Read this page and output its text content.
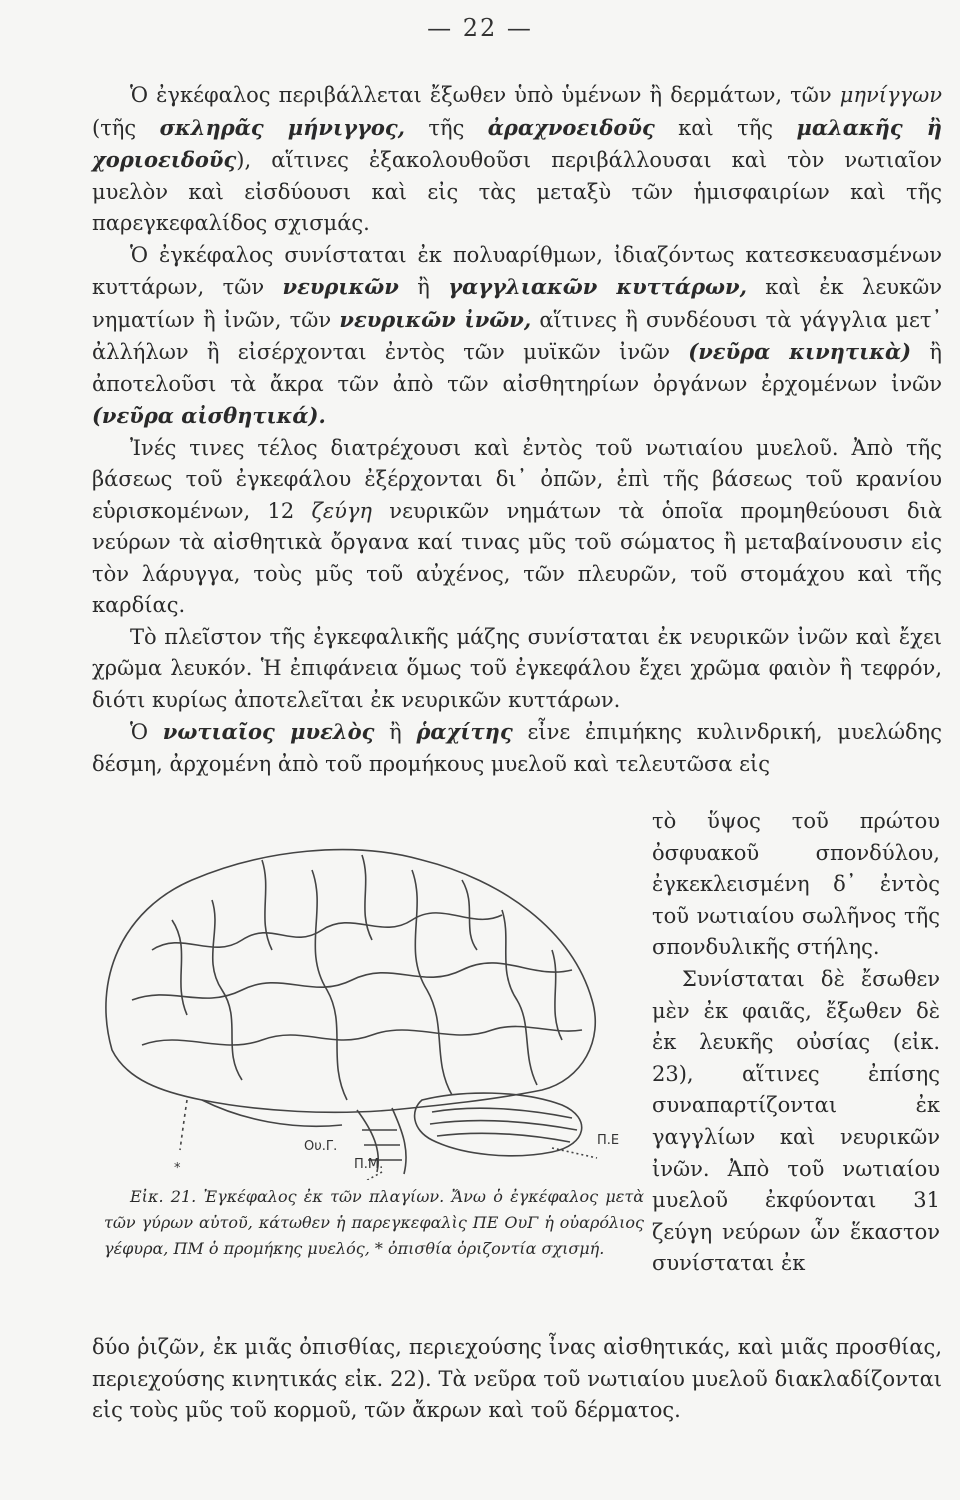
— 22 —

Ὁ ἐγκέφαλος περιβάλλεται ἔξωθεν ὑπὸ ὑμένων ἢ δερμάτων, τῶν μηνίγγων (τῆς σκληρᾶς μήνιγγος, τῆς ἀραχνοειδοῦς καὶ τῆς μαλακῆς ἢ χοριοειδοῦς), αἵτινες ἐξακολουθοῦσι περιβάλλουσαι καὶ τὸν νωτιαῖον μυελὸν καὶ εἰσδύουσι καὶ εἰς τὰς μεταξὺ τῶν ἡμισφαιρίων καὶ τῆς παρεγκεφαλίδος σχισμάς.

Ὁ ἐγκέφαλος συνίσταται ἐκ πολυαρίθμων, ἰδιαζόντως κατεσκευασμένων κυττάρων, τῶν νευρικῶν ἢ γαγγλιακῶν κυττάρων, καὶ ἐκ λευκῶν νηματίων ἢ ἰνῶν, τῶν νευρικῶν ἰνῶν, αἵτινες ἢ συνδέουσι τὰ γάγγλια μετ᾽ ἀλλήλων ἢ εἰσέρχονται ἐντὸς τῶν μυϊκῶν ἰνῶν (νεῦρα κινητικὰ) ἢ ἀποτελοῦσι τὰ ἄκρα τῶν ἀπὸ τῶν αἰσθητηρίων ὀργάνων ἐρχομένων ἰνῶν (νεῦρα αἰσθητικά).

Ἰνές τινες τέλος διατρέχουσι καὶ ἐντὸς τοῦ νωτιαίου μυελοῦ. Ἀπὸ τῆς βάσεως τοῦ ἐγκεφάλου ἐξέρχονται δι᾽ ὀπῶν, ἐπὶ τῆς βάσεως τοῦ κρανίου εὑρισκομένων, 12 ζεύγη νευρικῶν νημάτων τὰ ὁποῖα προμηθεύουσι διὰ νεύρων τὰ αἰσθητικὰ ὄργανα καί τινας μῦς τοῦ σώματος ἢ μεταβαίνουσιν εἰς τὸν λάρυγγα, τοὺς μῦς τοῦ αὐχένος, τῶν πλευρῶν, τοῦ στομάχου καὶ τῆς καρδίας.

Τὸ πλεῖστον τῆς ἐγκεφαλικῆς μάζης συνίσταται ἐκ νευρικῶν ἰνῶν καὶ ἔχει χρῶμα λευκόν. Ἡ ἐπιφάνεια ὅμως τοῦ ἐγκεφάλου ἔχει χρῶμα φαιὸν ἢ τεφρόν, διότι κυρίως ἀποτελεῖται ἐκ νευρικῶν κυττάρων.

Ὁ νωτιαῖος μυελὸς ἢ ῥαχίτης εἶνε ἐπιμήκης κυλινδρική, μυελώδης δέσμη, ἀρχομένη ἀπὸ τοῦ προμήκους μυελοῦ καὶ τελευτῶσα εἰς

*
Ου.Γ.
Π.Μ.
Π.Ε
Εἰκ. 21. Ἐγκέφαλος ἐκ τῶν πλαγίων. Ἄνω ὁ ἐγκέφαλος μετὰ τῶν γύρων αὐτοῦ, κάτωθεν ἡ παρεγκεφαλὶς ΠΕ ΟυΓ ἡ οὐαρόλιος γέφυρα, ΠΜ ὁ προμήκης μυελός, * ὀπισθία ὁριζοντία σχισμή.

τὸ ὕψος τοῦ πρώτου ὀσφυακοῦ σπονδύλου, ἐγκεκλεισμένη δ᾽ ἐντὸς τοῦ νωτιαίου σωλῆνος τῆς σπονδυλικῆς στήλης.

Συνίσταται δὲ ἔσωθεν μὲν ἐκ φαιᾶς, ἔξωθεν δὲ ἐκ λευκῆς οὐσίας (εἰκ. 23), αἵτινες ἐπίσης συναπαρτίζονται ἐκ γαγγλίων καὶ νευρικῶν ἰνῶν. Ἀπὸ τοῦ νωτιαίου μυελοῦ ἐκφύονται 31 ζεύγη νεύρων ὧν ἕκαστον συνίσταται ἐκ

δύο ῥιζῶν, ἐκ μιᾶς ὀπισθίας, περιεχούσης ἶνας αἰσθητικάς, καὶ μιᾶς προσθίας, περιεχούσης κινητικάς εἰκ. 22). Τὰ νεῦρα τοῦ νωτιαίου μυελοῦ διακλαδίζονται εἰς τοὺς μῦς τοῦ κορμοῦ, τῶν ἄκρων καὶ τοῦ δέρματος.
